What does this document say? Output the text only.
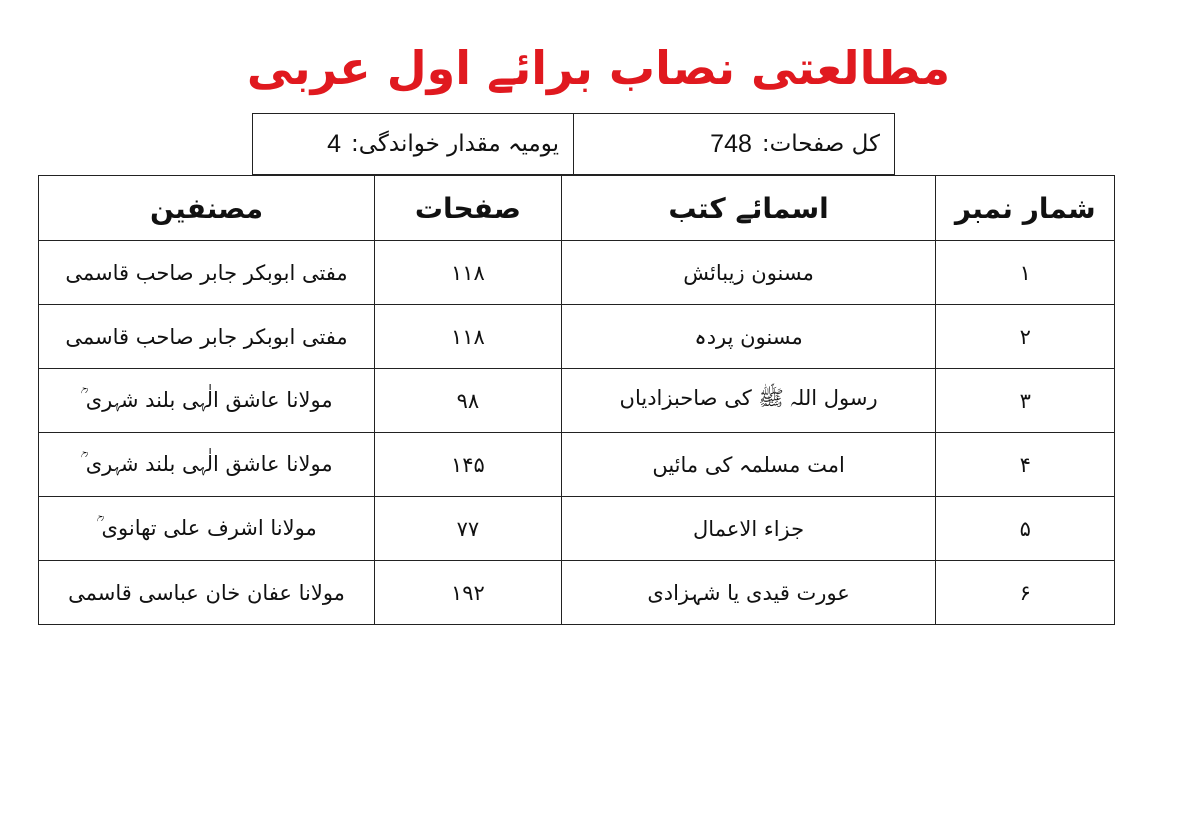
مطالعتی نصاب برائے اول عربی
کل صفحات:
748
یومیہ مقدار خواندگی:
4
شمار نمبر	اسمائے کتب	صفحات	مصنفین
۱	مسنون زیبائش	۱۱۸	مفتی ابوبکر جابر صاحب قاسمی
۲	مسنون پردہ	۱۱۸	مفتی ابوبکر جابر صاحب قاسمی
۳	رسول اللہ ﷺ کی صاحبزادیاں	۹۸	مولانا عاشق الٰہی بلند شہری ؒ
۴	امت مسلمہ کی مائیں	۱۴۵	مولانا عاشق الٰہی بلند شہری ؒ
۵	جزاء الاعمال	۷۷	مولانا اشرف علی تھانوی ؒ
۶	عورت قیدی یا شہزادی	۱۹۲	مولانا عفان خان عباسی قاسمی
